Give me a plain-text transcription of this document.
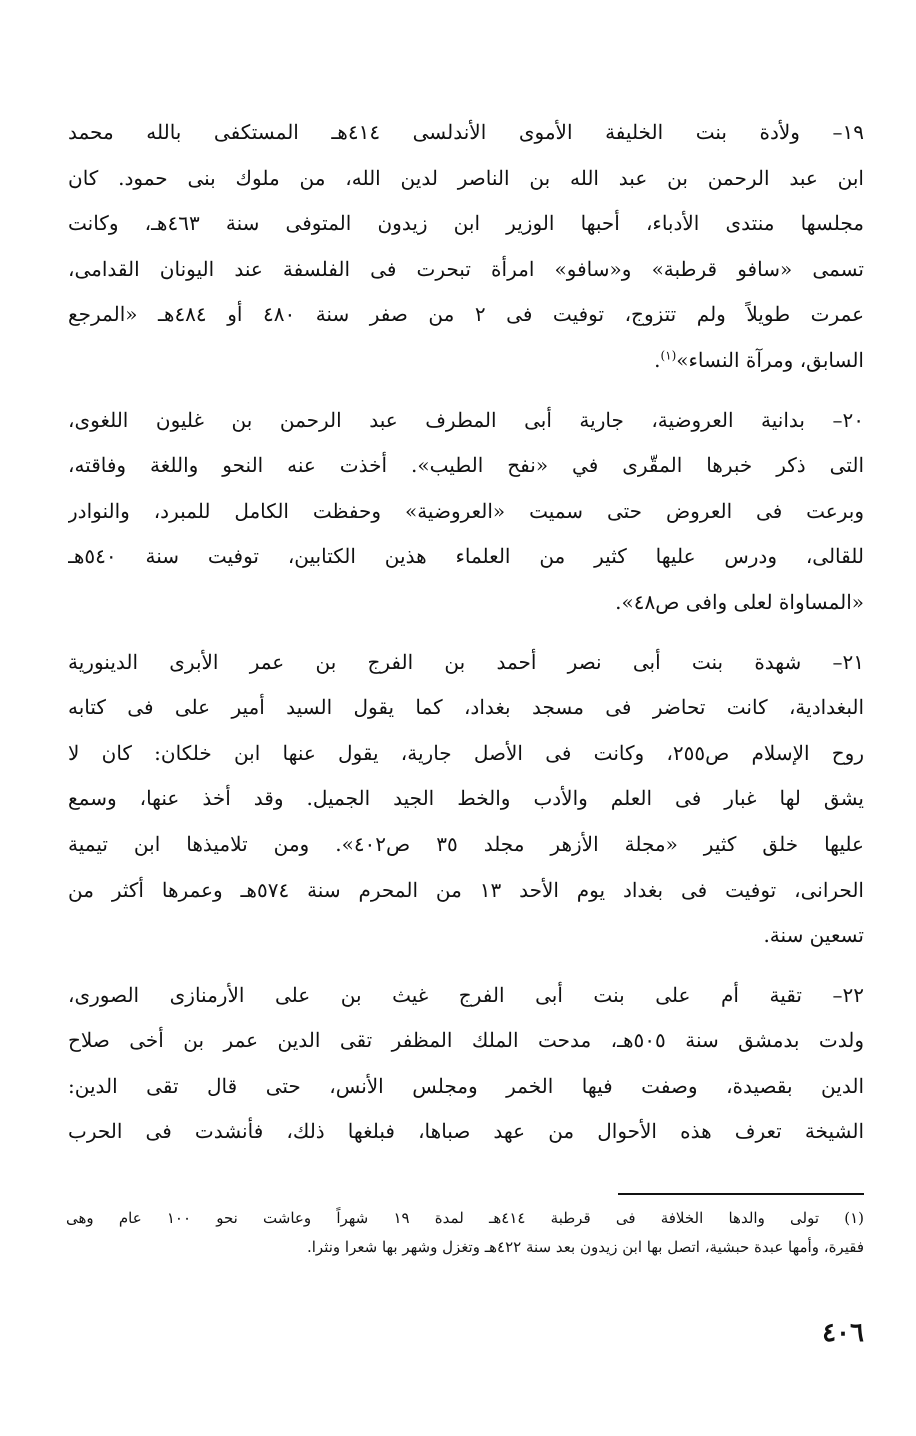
١٩– ولأدة بنت الخليفة الأموى الأندلسى ٤١٤هـ المستكفى بالله محمد
ابن عبد الرحمن بن عبد الله بن الناصر لدين الله، من ملوك بنى حمود. كان
مجلسها منتدى الأدباء، أحبها الوزير ابن زيدون المتوفى سنة ٤٦٣هـ، وكانت
تسمى «سافو قرطبة» و«سافو» امرأة تبحرت فى الفلسفة عند اليونان القدامى،
عمرت طويلاً ولم تتزوج، توفيت فى ٢ من صفر سنة ٤٨٠ أو ٤٨٤هـ «المرجع
السابق، ومرآة النساء»$^{(١)}$.

٢٠– بدانية العروضية، جارية أبى المطرف عبد الرحمن بن غليون اللغوى،
التى ذكر خبرها المقّرى في «نفح الطيب». أخذت عنه النحو واللغة وفاقته،
وبرعت فى العروض حتى سميت «العروضية» وحفظت الكامل للمبرد، والنوادر
للقالى، ودرس عليها كثير من العلماء هذين الكتابين، توفيت سنة ٥٤٠هـ
«المساواة لعلى وافى ص٤٨».

٢١– شهدة بنت أبى نصر أحمد بن الفرج بن عمر الأبرى الدينورية
البغدادية، كانت تحاضر فى مسجد بغداد، كما يقول السيد أمير على فى كتابه
روح الإسلام ص٢٥٥، وكانت فى الأصل جارية، يقول عنها ابن خلكان: كان لا
يشق لها غبار فى العلم والأدب والخط الجيد الجميل. وقد أخذ عنها، وسمع
عليها خلق كثير «مجلة الأزهر مجلد ٣٥ ص٤٠٢». ومن تلاميذها ابن تيمية
الحرانى، توفيت فى بغداد يوم الأحد ١٣ من المحرم سنة ٥٧٤هـ وعمرها أكثر من
تسعين سنة.

٢٢– تقية أم على بنت أبى الفرج غيث بن على الأرمنازى الصورى،
ولدت بدمشق سنة ٥٠٥هـ، مدحت الملك المظفر تقى الدين عمر بن أخى صلاح
الدين بقصيدة، وصفت فيها الخمر ومجلس الأنس، حتى قال تقى الدين:
الشيخة تعرف هذه الأحوال من عهد صباها، فبلغها ذلك، فأنشدت فى الحرب

(١) تولى والدها الخلافة فى قرطبة ٤١٤هـ لمدة ١٩ شهراً وعاشت نحو ١٠٠ عام وهى
فقيرة، وأمها عبدة حبشية، اتصل بها ابن زيدون بعد سنة ٤٢٢هـ وتغزل وشهر بها شعرا ونثرا.
٤٠٦
